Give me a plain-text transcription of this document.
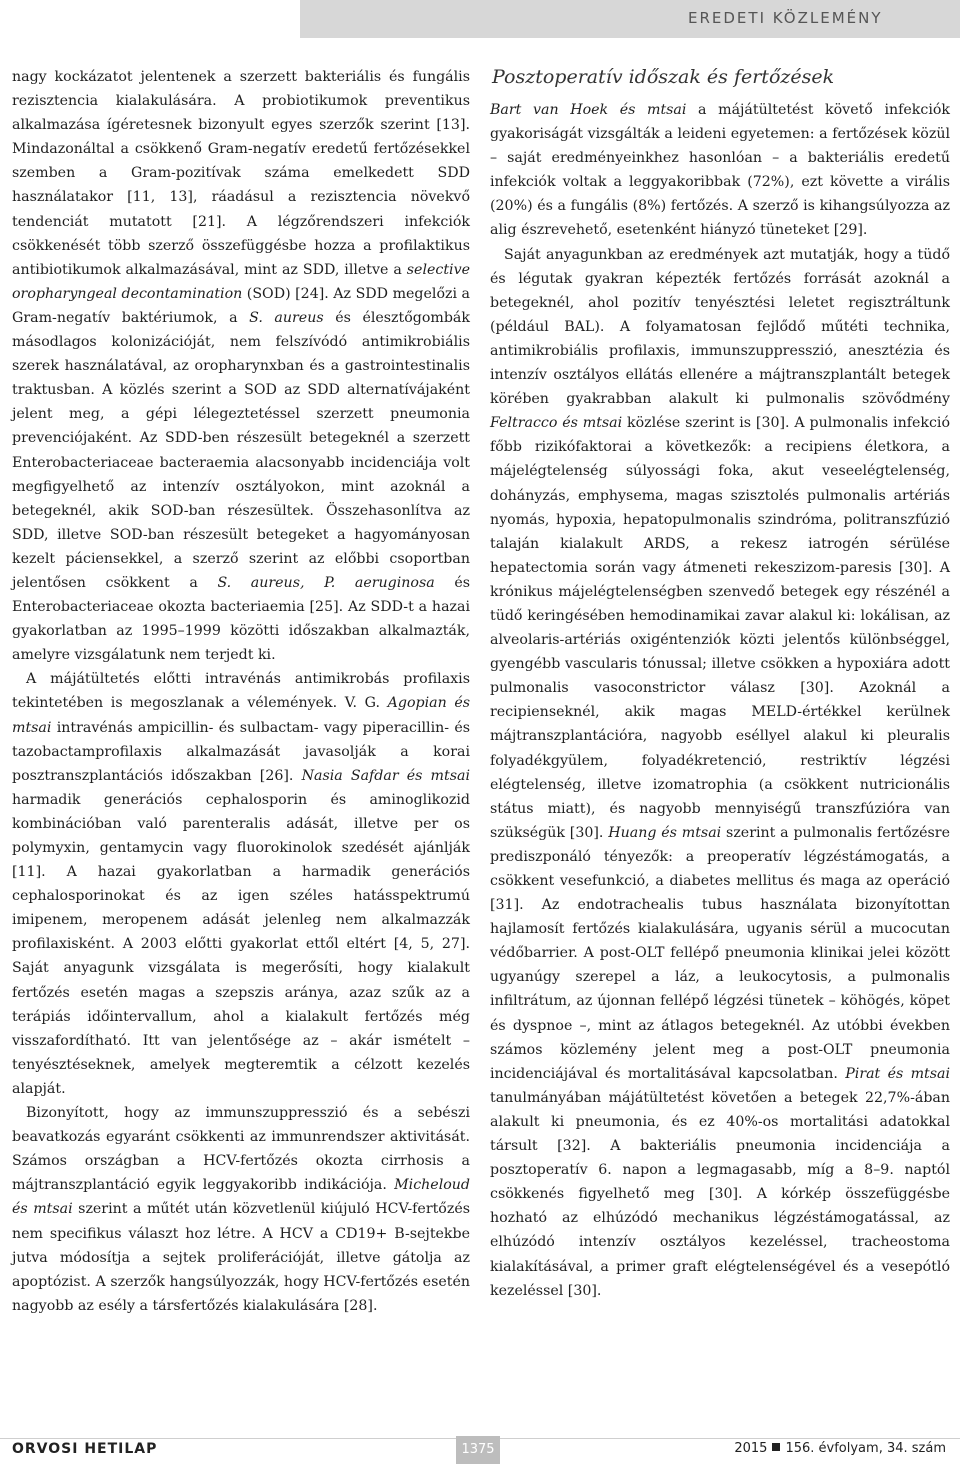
EREDETI KÖZLEMÉNY

nagy kockázatot jelentenek a szerzett bakteriális és fungális rezisztencia kialakulására. A probiotikumok preventikus alkalmazása ígéretesnek bizonyult egyes szerzők szerint [13]. Mindazonáltal a csökkenő Gram-negatív eredetű fertőzésekkel szemben a Gram-pozitívak száma emelkedett SDD használatakor [11, 13], ráadásul a rezisztencia növekvő tendenciát mutatott [21]. A légzőrendszeri infekciók csökkenését több szerző összefüggésbe hozza a profilaktikus antibiotikumok alkalmazásával, mint az SDD, illetve a selective oropharyngeal decontamination (SOD) [24]. Az SDD megelőzi a Gram-negatív baktériumok, a S. aureus és élesztőgombák másodlagos kolonizációját, nem felszívódó antimikrobiális szerek használatával, az oropharynxban és a gastrointestinalis traktusban. A közlés szerint a SOD az SDD alternatívájaként jelent meg, a gépi lélegeztetéssel szerzett pneumonia prevenciójaként. Az SDD-ben részesült betegeknél a szerzett Enterobacteriaceae bacteraemia alacsonyabb incidenciája volt megfigyelhető az intenzív osztályokon, mint azoknál a betegeknél, akik SOD-ban részesültek. Összehasonlítva az SDD, illetve SOD-ban részesült betegeket a hagyományosan kezelt páciensekkel, a szerző szerint az előbbi csoportban jelentősen csökkent a S. aureus, P. aeruginosa és Enterobacteriaceae okozta bacteriaemia [25]. Az SDD-t a hazai gyakorlatban az 1995–1999 közötti időszakban alkalmazták, amelyre vizsgálatunk nem terjedt ki.

A májátültetés előtti intravénás antimikrobás profilaxis tekintetében is megoszlanak a vélemények. V. G. Agopian és mtsai intravénás ampicillin- és sulbactam- vagy piperacillin- és tazobactamprofilaxis alkalmazását javasolják a korai posztranszplantációs időszakban [26]. Nasia Safdar és mtsai harmadik generációs cephalosporin és aminoglikozid kombinációban való parenteralis adását, illetve per os polymyxin, gentamycin vagy fluorokinolok szedését ajánlják [11]. A hazai gyakorlatban a harmadik generációs cephalosporinokat és az igen széles hatásspektrumú imipenem, meropenem adását jelenleg nem alkalmazzák profilaxisként. A 2003 előtti gyakorlat ettől eltért [4, 5, 27]. Saját anyagunk vizsgálata is megerősíti, hogy kialakult fertőzés esetén magas a szepszis aránya, azaz szűk az a terápiás időintervallum, ahol a kialakult fertőzés még visszafordítható. Itt van jelentősége az – akár ismételt – tenyésztéseknek, amelyek megteremtik a célzott kezelés alapját.

Bizonyított, hogy az immunszuppresszió és a sebészi beavatkozás egyaránt csökkenti az immunrendszer aktivitását. Számos országban a HCV-fertőzés okozta cirrhosis a májtranszplantáció egyik leggyakoribb indikációja. Micheloud és mtsai szerint a műtét után közvetlenül kiújuló HCV-fertőzés nem specifikus választ hoz létre. A HCV a CD19+ B-sejtekbe jutva módosítja a sejtek proliferációját, illetve gátolja az apoptózist. A szerzők hangsúlyozzák, hogy HCV-fertőzés esetén nagyobb az esély a társfertőzés kialakulására [28].

Posztoperatív időszak és fertőzések

Bart van Hoek és mtsai a májátültetést követő infekciók gyakoriságát vizsgálták a leideni egyetemen: a fertőzések közül – saját eredményeinkhez hasonlóan – a bakteriális eredetű infekciók voltak a leggyakoribbak (72%), ezt követte a virális (20%) és a fungális (8%) fertőzés. A szerző is kihangsúlyozza az alig észrevehető, esetenként hiányzó tüneteket [29].

Saját anyagunkban az eredmények azt mutatják, hogy a tüdő és légutak gyakran képezték fertőzés forrását azoknál a betegeknél, ahol pozitív tenyésztési leletet regisztráltunk (például BAL). A folyamatosan fejlődő műtéti technika, antimikrobiális profilaxis, immunszuppresszió, anesztézia és intenzív osztályos ellátás ellenére a májtranszplantált betegek körében gyakrabban alakult ki pulmonalis szövődmény Feltracco és mtsai közlése szerint is [30]. A pulmonalis infekció főbb rizikófaktorai a következők: a recipiens életkora, a májelégtelenség súlyossági foka, akut veseelégtelenség, dohányzás, emphysema, magas szisztolés pulmonalis artériás nyomás, hypoxia, hepatopulmonalis szindróma, politranszfúzió talaján kialakult ARDS, a rekesz iatrogén sérülése hepatectomia során vagy átmeneti rekeszizom-paresis [30]. A krónikus májelégtelenségben szenvedő betegek egy részénél a tüdő keringésében hemodinamikai zavar alakul ki: lokálisan, az alveolaris-artériás oxigéntenziók közti jelentős különbséggel, gyengébb vascularis tónussal; illetve csökken a hypoxiára adott pulmonalis vasoconstrictor válasz [30]. Azoknál a recipienseknél, akik magas MELD-értékkel kerülnek májtranszplantációra, nagyobb eséllyel alakul ki pleuralis folyadékgyülem, folyadékretenció, restriktív légzési elégtelenség, illetve izomatrophia (a csökkent nutricionális státus miatt), és nagyobb mennyiségű transzfúzióra van szükségük [30]. Huang és mtsai szerint a pulmonalis fertőzésre prediszponáló tényezők: a preoperatív légzéstámogatás, a csökkent vesefunkció, a diabetes mellitus és maga az operáció [31]. Az endotrachealis tubus használata bizonyítottan hajlamosít fertőzés kialakulására, ugyanis sérül a mucocutan védőbarrier. A post-OLT fellépő pneumonia klinikai jelei között ugyanúgy szerepel a láz, a leukocytosis, a pulmonalis infiltrátum, az újonnan fellépő légzési tünetek – köhögés, köpet és dyspnoe –, mint az átlagos betegeknél. Az utóbbi években számos közlemény jelent meg a post-OLT pneumonia incidenciájával és mortalitásával kapcsolatban. Pirat és mtsai tanulmányában májátültetést követően a betegek 22,7%-ában alakult ki pneumonia, és ez 40%-os mortalitási adatokkal társult [32]. A bakteriális pneumonia incidenciája a posztoperatív 6. napon a legmagasabb, míg a 8–9. naptól csökkenés figyelhető meg [30]. A kórkép összefüggésbe hozható az elhúzódó mechanikus légzéstámogatással, az elhúzódó intenzív osztályos kezeléssel, tracheostoma kialakításával, a primer graft elégtelenségével és a vesepótló kezeléssel [30].

ORVOSI HETILAP	1375	2015 156. évfolyam, 34. szám
